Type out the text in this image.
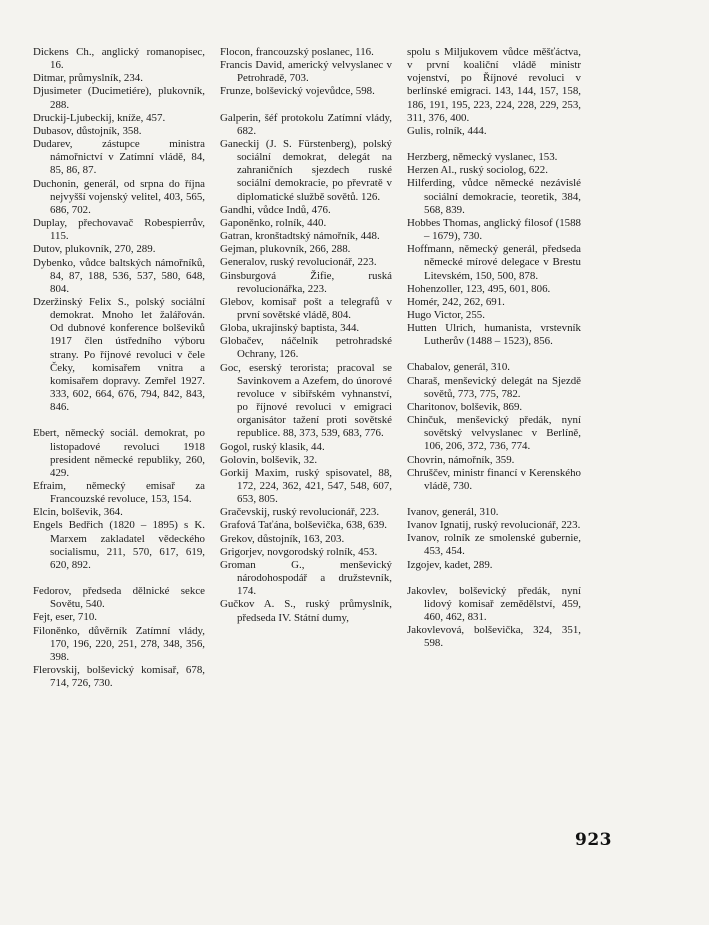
Dickens Ch., anglický romanopisec, 16.

Ditmar, průmyslník, 234.

Djusimeter (Ducimetiére), plukovník, 288.

Druckij-Ljubeckij, kníže, 457.

Dubasov, důstojník, 358.

Dudarev, zástupce ministra námořnictví v Zatímní vládě, 84, 85, 86, 87.

Duchonin, generál, od srpna do října nejvyšší vojenský velitel, 403, 565, 686, 702.

Duplay, přechovavač Robespierrův, 115.

Dutov, plukovník, 270, 289.

Dybenko, vůdce baltských námořníků, 84, 87, 188, 536, 537, 580, 648, 804.

Dzeržinský Felix S., polský sociální demokrat. Mnoho let žalářován. Od dubnové konference bolševiků 1917 člen ústředního výboru strany. Po říjnové revoluci v čele Čeky, komisařem vnitra a komisařem dopravy. Zemřel 1927. 333, 602, 664, 676, 794, 842, 843, 846.

Ebert, německý sociál. demokrat, po listopadové revoluci 1918 president německé republiky, 260, 429.

Efraim, německý emisař za Francouzské revoluce, 153, 154.

Elcin, bolševik, 364.

Engels Bedřich (1820 – 1895) s K. Marxem zakladatel vědeckého socialismu, 211, 570, 617, 619, 620, 892.

Fedorov, předseda dělnické sekce Sovětu, 540.

Fejt, eser, 710.

Filoněnko, důvěrník Zatímní vlády, 170, 196, 220, 251, 278, 348, 356, 398.

Flerovskij, bolševický komisař, 678, 714, 726, 730.

Flocon, francouzský poslanec, 116.

Francis David, americký velvyslanec v Petrohradě, 703.

Frunze, bolševický vojevůdce, 598.

Galperin, šéf protokolu Zatímní vlády, 682.

Ganeckij (J. S. Fürstenberg), polský sociální demokrat, delegát na zahraničních sjezdech ruské sociální demokracie, po převratě v diplomatické službě sovětů. 126.

Gandhi, vůdce Indů, 476.

Gaponěnko, rolník, 440.

Gatran, kronštadtský námořník, 448.

Gejman, plukovník, 266, 288.

Generalov, ruský revolucionář, 223.

Ginsburgová Žifie, ruská revolucionářka, 223.

Glebov, komisař pošt a telegrafů v první sovětské vládě, 804.

Globa, ukrajinský baptista, 344.

Globačev, náčelník petrohradské Ochrany, 126.

Goc, eserský terorista; pracoval se Savinkovem a Azefem, do únorové revoluce v sibiřském vyhnanství, po říjnové revoluci v emigraci organisátor tažení proti sovětské republice. 88, 373, 539, 683, 776.

Gogol, ruský klasik, 44.

Golovin, bolševik, 32.

Gorkij Maxim, ruský spisovatel, 88, 172, 224, 362, 421, 547, 548, 607, 653, 805.

Gračevskij, ruský revolucionář, 223.

Grafová Taťána, bolševička, 638, 639.

Grekov, důstojník, 163, 203.

Grigorjev, novgorodský rolník, 453.

Groman G., menševický národohospodář a družstevník, 174.

Gučkov A. S., ruský průmyslník, předseda IV. Státní dumy,

spolu s Miljukovem vůdce měšťáctva, v první koaliční vládě ministr vojenství, po Říjnové revoluci v berlínské emigraci. 143, 144, 157, 158, 186, 191, 195, 223, 224, 228, 229, 253, 311, 376, 400.

Gulis, rolník, 444.

Herzberg, německý vyslanec, 153.

Herzen Al., ruský sociolog, 622.

Hilferding, vůdce německé nezávislé sociální demokracie, teoretik, 384, 568, 839.

Hobbes Thomas, anglický filosof (1588 – 1679), 730.

Hoffmann, německý generál, předseda německé mírové delegace v Brestu Litevském, 150, 500, 878.

Hohenzoller, 123, 495, 601, 806.

Homér, 242, 262, 691.

Hugo Victor, 255.

Hutten Ulrich, humanista, vrstevník Lutherův (1488 – 1523), 856.

Chabalov, generál, 310.

Charaš, menševický delegát na Sjezdě sovětů, 773, 775, 782.

Charitonov, bolševik, 869.

Chinčuk, menševický předák, nyní sovětský velvyslanec v Berlíně, 106, 206, 372, 736, 774.

Chovrin, námořník, 359.

Chruščev, ministr financí v Kerenského vládě, 730.

Ivanov, generál, 310.

Ivanov Ignatij, ruský revolucionář, 223.

Ivanov, rolník ze smolenské gubernie, 453, 454.

Izgojev, kadet, 289.

Jakovlev, bolševický předák, nyní lidový komisař zemědělství, 459, 460, 462, 831.

Jakovlevová, bolševička, 324, 351, 598.

923
